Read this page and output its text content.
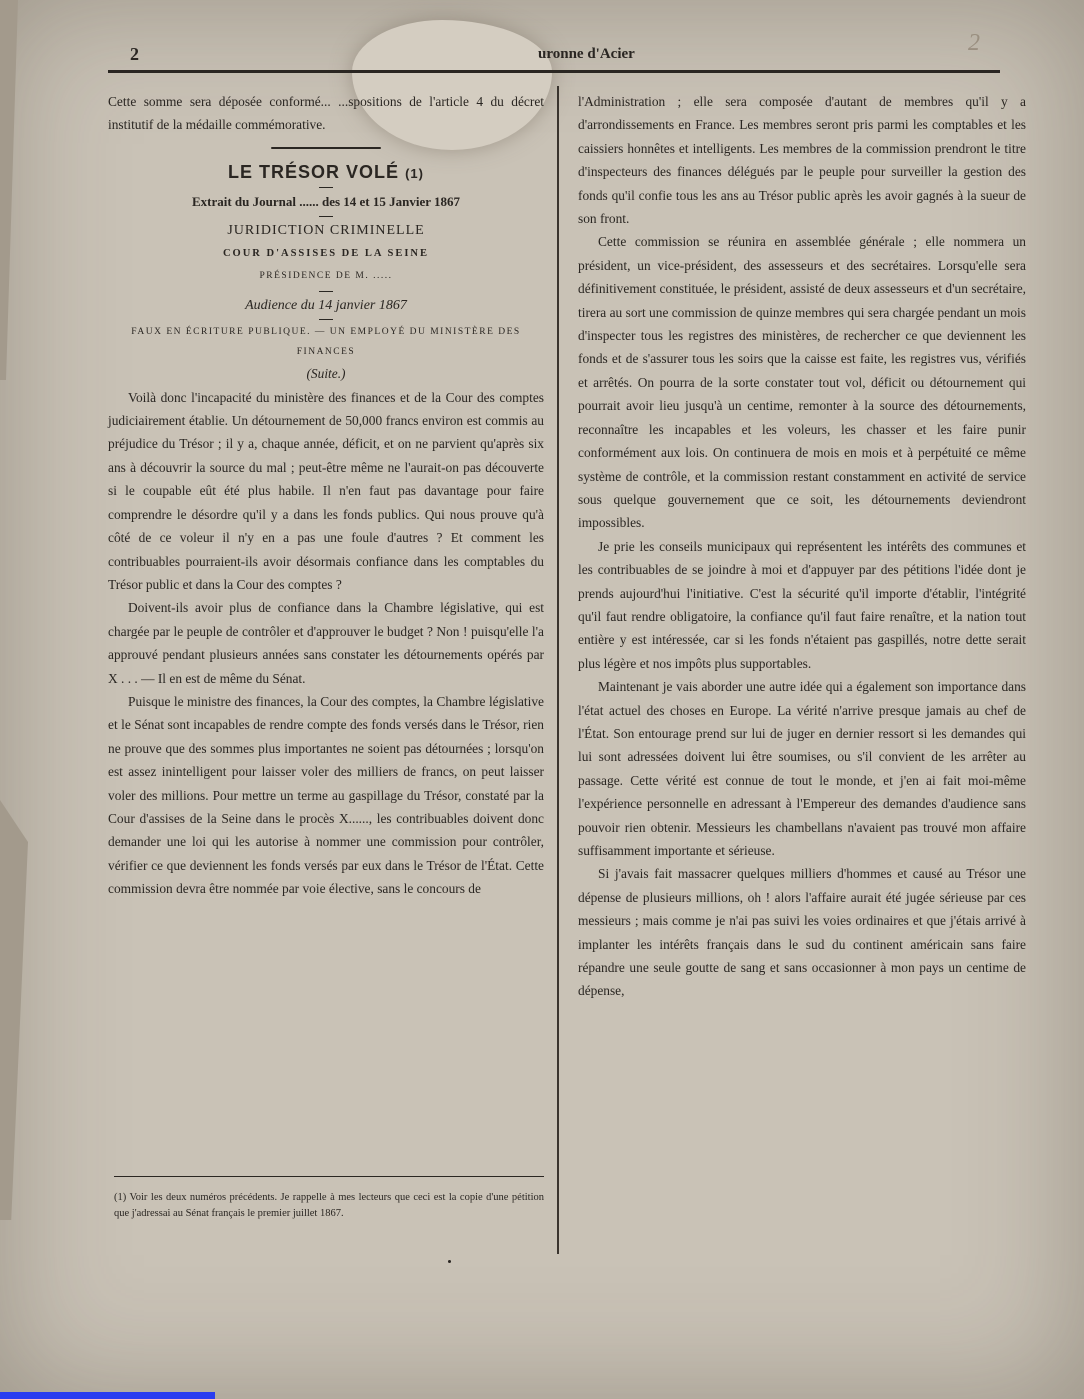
2	uronne d'Acier	2

Cette somme sera déposée conformé... ...spositions de l'article 4 du décret institutif de la médaille commémorative.

LE TRÉSOR VOLÉ (1)

Extrait du Journal ...... des 14 et 15 Janvier 1867

JURIDICTION CRIMINELLE

COUR D'ASSISES DE LA SEINE

PRÉSIDENCE DE M. .....

Audience du 14 janvier 1867

FAUX EN ÉCRITURE PUBLIQUE. — UN EMPLOYÉ DU MINISTÈRE DES FINANCES

(Suite.)

Voilà donc l'incapacité du ministère des finances et de la Cour des comptes judiciairement établie. Un détournement de 50,000 francs environ est commis au préjudice du Trésor ; il y a, chaque année, déficit, et on ne parvient qu'après six ans à découvrir la source du mal ; peut-être même ne l'aurait-on pas découverte si le coupable eût été plus habile. Il n'en faut pas davantage pour faire comprendre le désordre qu'il y a dans les fonds publics. Qui nous prouve qu'à côté de ce voleur il n'y en a pas une foule d'autres ? Et comment les contribuables pourraient-ils avoir désormais confiance dans les comptables du Trésor public et dans la Cour des comptes ?

Doivent-ils avoir plus de confiance dans la Chambre législative, qui est chargée par le peuple de contrôler et d'approuver le budget ? Non ! puisqu'elle l'a approuvé pendant plusieurs années sans constater les détournements opérés par X . . . — Il en est de même du Sénat.

Puisque le ministre des finances, la Cour des comptes, la Chambre législative et le Sénat sont incapables de rendre compte des fonds versés dans le Trésor, rien ne prouve que des sommes plus importantes ne soient pas détournées ; lorsqu'on est assez inintelligent pour laisser voler des milliers de francs, on peut laisser voler des millions. Pour mettre un terme au gaspillage du Trésor, constaté par la Cour d'assises de la Seine dans le procès X......, les contribuables doivent donc demander une loi qui les autorise à nommer une commission pour contrôler, vérifier ce que deviennent les fonds versés par eux dans le Trésor de l'État. Cette commission devra être nommée par voie élective, sans le concours de

l'Administration ; elle sera composée d'autant de membres qu'il y a d'arrondissements en France. Les membres seront pris parmi les comptables et les caissiers honnêtes et intelligents. Les membres de la commission prendront le titre d'inspecteurs des finances délégués par le peuple pour surveiller la gestion des fonds qu'il confie tous les ans au Trésor public après les avoir gagnés à la sueur de son front.

Cette commission se réunira en assemblée générale ; elle nommera un président, un vice-président, des assesseurs et des secrétaires. Lorsqu'elle sera définitivement constituée, le président, assisté de deux assesseurs et d'un secrétaire, tirera au sort une commission de quinze membres qui sera chargée pendant un mois d'inspecter tous les registres des ministères, de rechercher ce que deviennent les fonds et de s'assurer tous les soirs que la caisse est faite, les registres vus, vérifiés et arrêtés. On pourra de la sorte constater tout vol, déficit ou détournement qui pourrait avoir lieu jusqu'à un centime, remonter à la source des détournements, reconnaître les incapables et les voleurs, les chasser et les faire punir conformément aux lois. On continuera de mois en mois et à perpétuité ce même système de contrôle, et la commission restant constamment en activité de service sous quelque gouvernement que ce soit, les détournements deviendront impossibles.

Je prie les conseils municipaux qui représentent les intérêts des communes et les contribuables de se joindre à moi et d'appuyer par des pétitions l'idée dont je prends aujourd'hui l'initiative. C'est la sécurité qu'il importe d'établir, l'intégrité qu'il faut rendre obligatoire, la confiance qu'il faut faire renaître, et la nation tout entière y est intéressée, car si les fonds n'étaient pas gaspillés, notre dette serait plus légère et nos impôts plus supportables.

Maintenant je vais aborder une autre idée qui a également son importance dans l'état actuel des choses en Europe. La vérité n'arrive presque jamais au chef de l'État. Son entourage prend sur lui de juger en dernier ressort si les demandes qui lui sont adressées doivent lui être soumises, ou s'il convient de les arrêter au passage. Cette vérité est connue de tout le monde, et j'en ai fait moi-même l'expérience personnelle en adressant à l'Empereur des demandes d'audience sans pouvoir rien obtenir. Messieurs les chambellans n'avaient pas trouvé mon affaire suffisamment importante et sérieuse.

Si j'avais fait massacrer quelques milliers d'hommes et causé au Trésor une dépense de plusieurs millions, oh ! alors l'affaire aurait été jugée sérieuse par ces messieurs ; mais comme je n'ai pas suivi les voies ordinaires et que j'étais arrivé à implanter les intérêts français dans le sud du continent américain sans faire répandre une seule goutte de sang et sans occasionner à mon pays un centime de dépense,

(1) Voir les deux numéros précédents. Je rappelle à mes lecteurs que ceci est la copie d'une pétition que j'adressai au Sénat français le premier juillet 1867.
